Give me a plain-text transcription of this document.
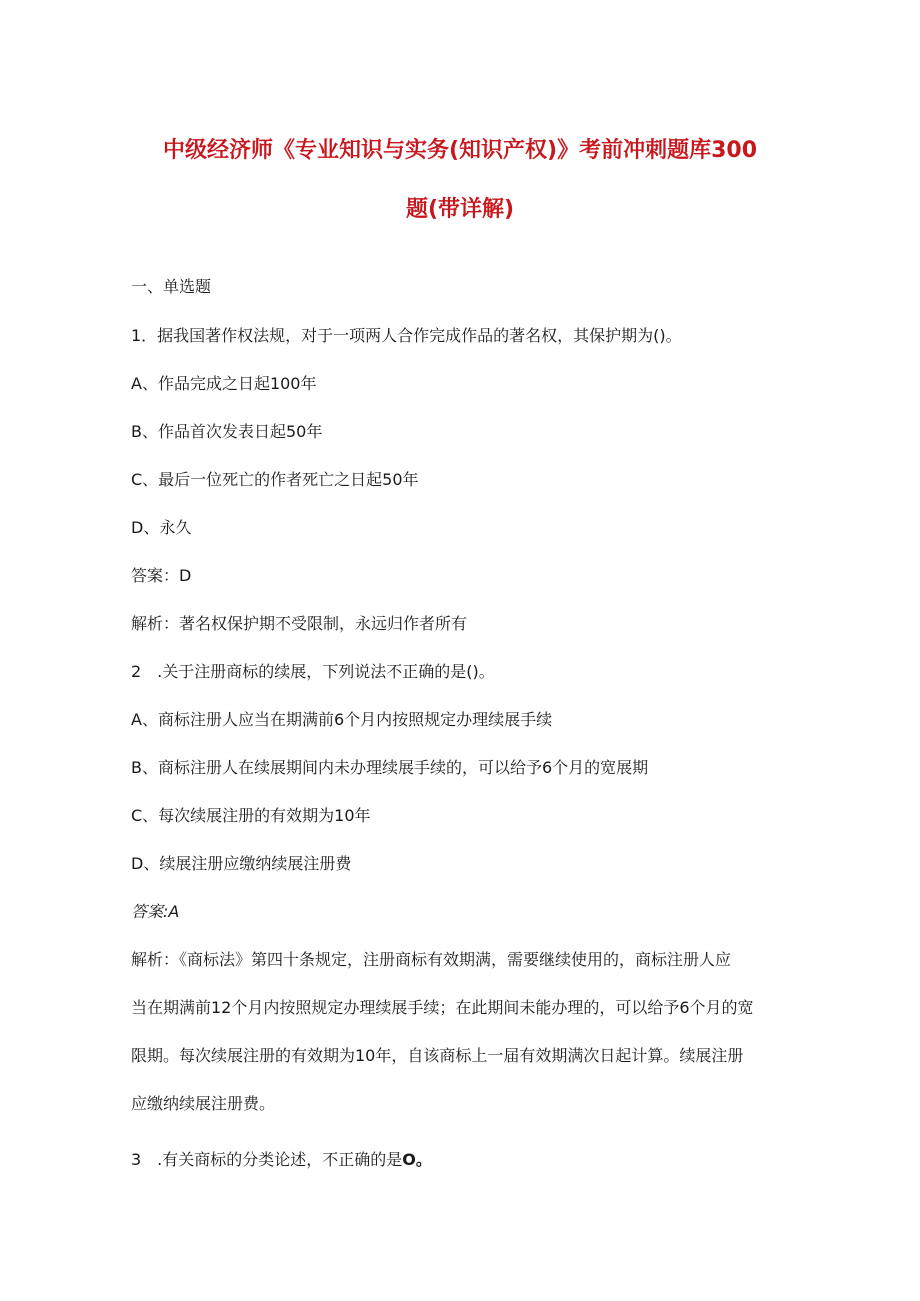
中级经济师《专业知识与实务(知识产权)》考前冲刺题库300
题(带详解)
一、单选题
1．据我国著作权法规，对于一项两人合作完成作品的著名权，其保护期为()。
A、作品完成之日起100年
B、作品首次发表日起50年
C、最后一位死亡的作者死亡之日起50年
D、永久
答案：D
解析：著名权保护期不受限制，永远归作者所有
2　.关于注册商标的续展，下列说法不正确的是()。
A、商标注册人应当在期满前6个月内按照规定办理续展手续
B、商标注册人在续展期间内未办理续展手续的，可以给予6个月的宽展期
C、每次续展注册的有效期为10年
D、续展注册应缴纳续展注册费
答案:A
解析：《商标法》第四十条规定，注册商标有效期满，需要继续使用的，商标注册人应
当在期满前12个月内按照规定办理续展手续；在此期间未能办理的，可以给予6个月的宽
限期。每次续展注册的有效期为10年，自该商标上一届有效期满次日起计算。续展注册
应缴纳续展注册费。
3　.有关商标的分类论述，不正确的是O。
